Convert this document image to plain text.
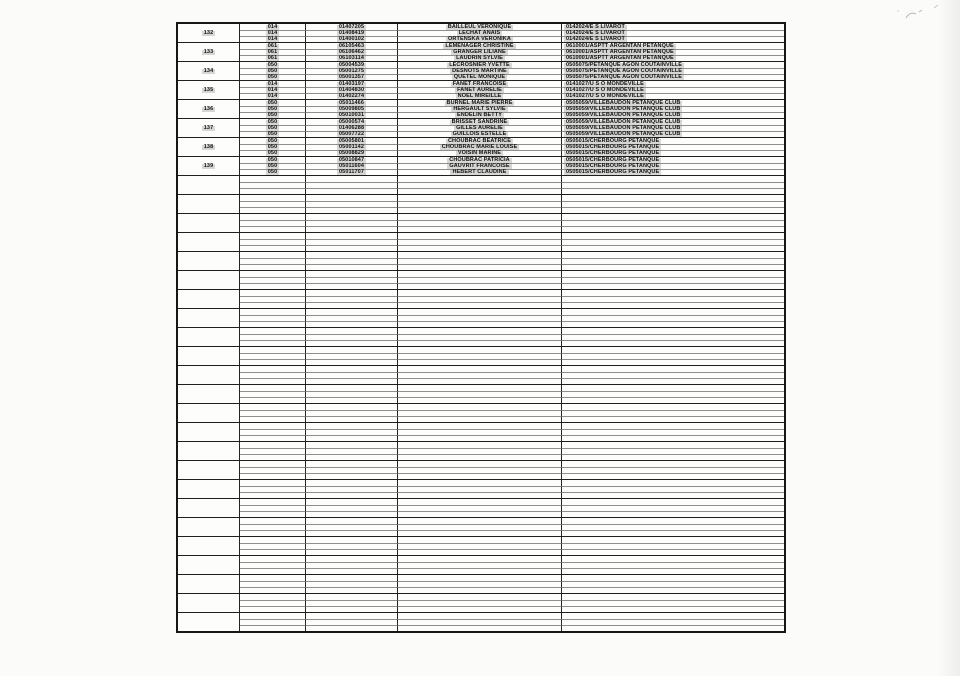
132
014	01407205	BAILLEUL VERONIQUE	0142024/E S LIVAROT
014	01408419	LECHAT ANAIS	0142024/E S LIVAROT
014	01400102	ORTENSKA VERONIKA	0142024/E S LIVAROT
133
061	06105463	LEMENAGER CHRISTINE	0610001/ASPTT ARGENTAN PETANQUE
061	06106462	GRANGER LILIANE	0610001/ASPTT ARGENTAN PETANQUE
061	06103114	LAUDRIN SYLVIE	0610001/ASPTT ARGENTAN PETANQUE
134
050	05004539	LECROSNIER YVETTE	0505075/PETANQUE AGON COUTAINVILLE
050	05001275	DESNOTS MARTINE	0505075/PETANQUE AGON COUTAINVILLE
050	05001357	QUETEL MONIQUE	0505075/PETANQUE AGON COUTAINVILLE
135
014	01403197	FANET FRANCOISE	0141027/U S O MONDEVILLE
014	01404830	FANET AURELIE	0141027/U S O MONDEVILLE
014	01402274	NOEL MIREILLE	0141027/U S O MONDEVILLE
136
050	05011466	BURNEL MARIE PIERRE	0505059/VILLEBAUDON PETANQUE CLUB
050	05009805	HERGAULT SYLVIE	0505059/VILLEBAUDON PETANQUE CLUB
050	05010031	ENDELIN BETTY	0505059/VILLEBAUDON PETANQUE CLUB
137
050	05000574	BRISSET SANDRINE	0505059/VILLEBAUDON PETANQUE CLUB
050	01406288	GILLES AURELIE	0505059/VILLEBAUDON PETANQUE CLUB
050	05007722	GUILLOIS ESTELLE	0505059/VILLEBAUDON PETANQUE CLUB
138
050	05005801	CHOUBRAC BEATRICE	0505015/CHERBOURG PETANQUE
050	05001142	CHOUBRAC MARIE LOUISE	0505015/CHERBOURG PETANQUE
050	05008829	VOISIN MARINE	0505015/CHERBOURG PETANQUE
139
050	05010847	CHOUBRAC PATRICIA	0505015/CHERBOURG PETANQUE
050	05011604	GAUVRIT FRANCOISE	0505015/CHERBOURG PETANQUE
050	05011707	HEBERT CLAUDINE	0505015/CHERBOURG PETANQUE
